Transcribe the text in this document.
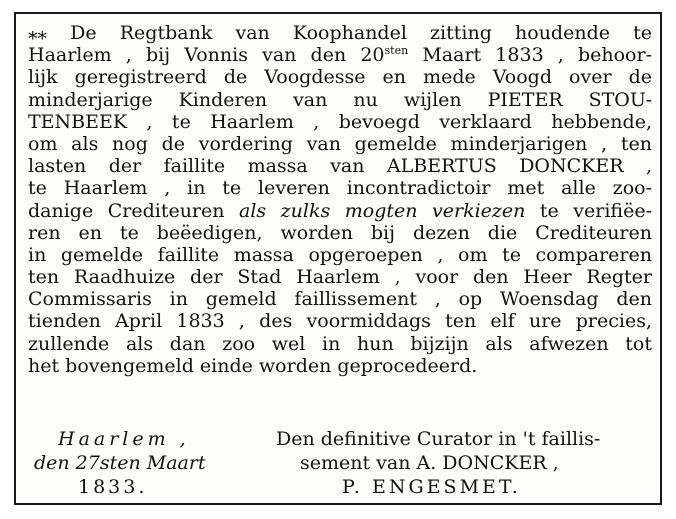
⁎⁎ De Regtbank van Koophandel zitting houdende te
Haarlem , bij Vonnis van den $20^{sten}$ Maart 1833 , behoor-
lijk geregistreerd de Voogdesse en mede Voogd over de
minderjarige Kinderen van nu wijlen PIETER STOU-
TENBEEK , te Haarlem , bevoegd verklaard hebbende,
om als nog de vordering van gemelde minderjarigen , ten
lasten der faillite massa van ALBERTUS DONCKER ,
te Haarlem , in te leveren incontradictoir met alle zoo-
danige Crediteuren als zulks mogten verkiezen te verifiëe-
ren en te beëedigen, worden bij dezen die Crediteuren
in gemelde faillite massa opgeroepen , om te compareren
ten Raadhuize der Stad Haarlem , voor den Heer Regter
Commissaris in gemeld faillissement , op Woensdag den
tienden April 1833 , des voormiddags ten elf ure precies,
zullende als dan zoo wel in hun bijzijn als afwezen tot
het bovengemeld einde worden geprocedeerd.
Haarlem ,
den 27sten Maart
1833.
Den definitive Curator in 't faillis-
sement van A. DONCKER ,
P. ENGESMET.
